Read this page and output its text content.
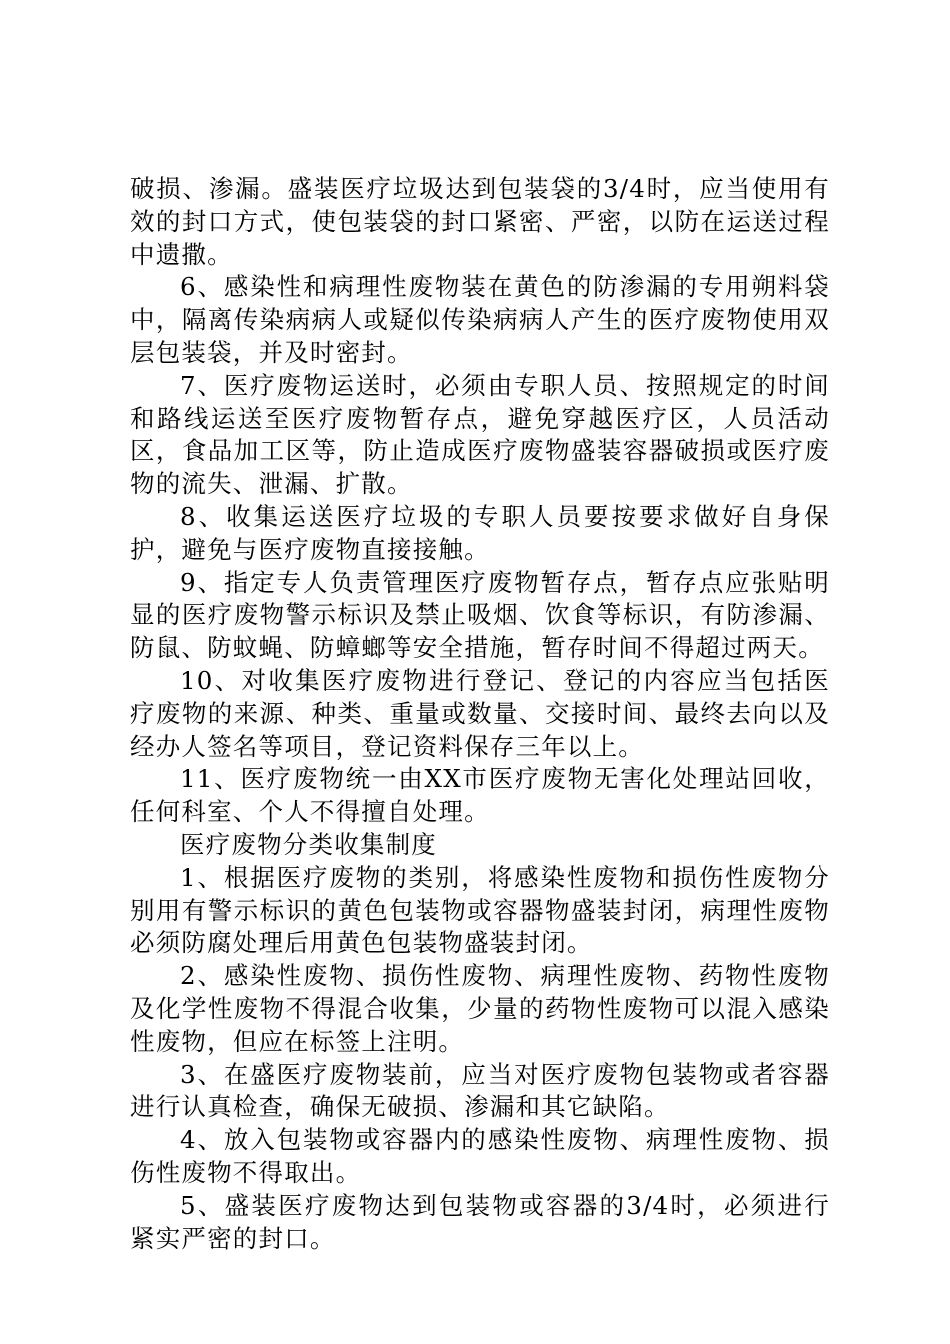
破损、渗漏。盛装医疗垃圾达到包装袋的3/4时，应当使用有效的封口方式，使包装袋的封口紧密、严密，以防在运送过程中遗撒。

6、感染性和病理性废物装在黄色的防渗漏的专用朔料袋中，隔离传染病病人或疑似传染病病人产生的医疗废物使用双层包装袋，并及时密封。

7、医疗废物运送时，必须由专职人员、按照规定的时间和路线运送至医疗废物暂存点，避免穿越医疗区，人员活动区，食品加工区等，防止造成医疗废物盛装容器破损或医疗废物的流失、泄漏、扩散。

8、收集运送医疗垃圾的专职人员要按要求做好自身保护，避免与医疗废物直接接触。

9、指定专人负责管理医疗废物暂存点，暂存点应张贴明显的医疗废物警示标识及禁止吸烟、饮食等标识，有防渗漏、防鼠、防蚊蝇、防蟑螂等安全措施，暂存时间不得超过两天。

10、对收集医疗废物进行登记、登记的内容应当包括医疗废物的来源、种类、重量或数量、交接时间、最终去向以及经办人签名等项目，登记资料保存三年以上。

11、医疗废物统一由XX市医疗废物无害化处理站回收，任何科室、个人不得擅自处理。

医疗废物分类收集制度

1、根据医疗废物的类别，将感染性废物和损伤性废物分别用有警示标识的黄色包装物或容器物盛装封闭，病理性废物必须防腐处理后用黄色包装物盛装封闭。

2、感染性废物、损伤性废物、病理性废物、药物性废物及化学性废物不得混合收集，少量的药物性废物可以混入感染性废物，但应在标签上注明。

3、在盛医疗废物装前，应当对医疗废物包装物或者容器进行认真检查，确保无破损、渗漏和其它缺陷。

4、放入包装物或容器内的感染性废物、病理性废物、损伤性废物不得取出。

5、盛装医疗废物达到包装物或容器的3/4时，必须进行紧实严密的封口。
